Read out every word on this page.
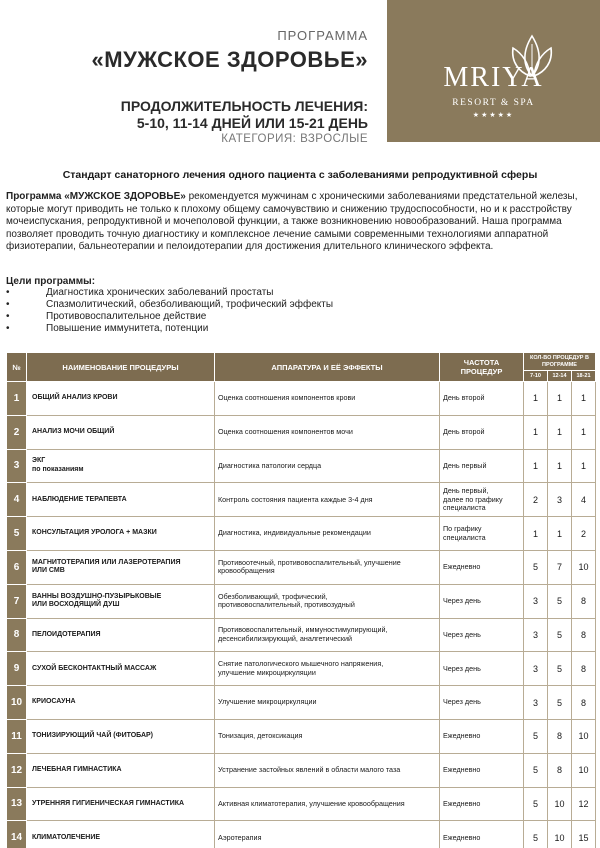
ПРОГРАММА
«МУЖСКОЕ ЗДОРОВЬЕ»
ПРОДОЛЖИТЕЛЬНОСТЬ ЛЕЧЕНИЯ:
5-10, 11-14 ДНЕЙ ИЛИ 15-21 ДЕНЬ
КАТЕГОРИЯ: ВЗРОСЛЫЕ
MRIYA
RESORT & SPA
★★★★★
Стандарт санаторного лечения одного пациента с заболеваниями репродуктивной сферы

Программа «МУЖСКОЕ ЗДОРОВЬЕ» рекомендуется мужчинам с хроническими заболеваниями предстательной железы, которые могут приводить не только к плохому общему самочувствию и снижению трудоспособности, но и к расстройству мочеиспускания, репродуктивной и мочеполовой функции, а также возникновению новообразований. Наша программа позволяет проводить точную диагностику и комплексное лечение самыми современными технологиями аппаратной физиотерапии, бальнеотерапии и пелоидотерапии для достижения длительного клинического эффекта.

Цели программы:
• Диагностика хронических заболеваний простаты
• Спазмолитический, обезболивающий, трофический эффекты
• Противовоспалительное действие
• Повышение иммунитета, потенции
№	НАИМЕНОВАНИЕ ПРОЦЕДУРЫ	АППАРАТУРА И ЕЁ ЭФФЕКТЫ	ЧАСТОТА ПРОЦЕДУР	КОЛ-ВО ПРОЦЕДУР В ПРОГРАММЕ		
				7-10	12-14	18-21
1	ОБЩИЙ АНАЛИЗ КРОВИ	Оценка соотношения компонентов крови	День второй	1	1	1
2	АНАЛИЗ МОЧИ ОБЩИЙ	Оценка соотношения компонентов мочи	День второй	1	1	1
3	ЭКГ
по показаниям	Диагностика патологии сердца	День первый	1	1	1
4	НАБЛЮДЕНИЕ ТЕРАПЕВТА	Контроль состояния пациента каждые 3-4 дня	День первый,
далее по графику
специалиста	2	3	4
5	КОНСУЛЬТАЦИЯ УРОЛОГА + МАЗКИ	Диагностика, индивидуальные рекомендации	По графику
специалиста	1	1	2
6	МАГНИТОТЕРАПИЯ ИЛИ ЛАЗЕРОТЕРАПИЯ
ИЛИ СМВ	Противоотечный, противовоспалительный, улучшение
кровообращения	Ежедневно	5	7	10
7	ВАННЫ ВОЗДУШНО-ПУЗЫРЬКОВЫЕ
ИЛИ ВОСХОДЯЩИЙ ДУШ	Обезболивающий, трофический,
противовоспалительный, противозудный	Через день	3	5	8
8	ПЕЛОИДОТЕРАПИЯ	Противовоспалительный, иммуностимулирующий,
десенсибилизирующий, аналгетический	Через день	3	5	8
9	СУХОЙ БЕСКОНТАКТНЫЙ МАССАЖ	Снятие патологического мышечного напряжения,
улучшение микроциркуляции	Через день	3	5	8
10	КРИОСАУНА	Улучшение микроциркуляции	Через день	3	5	8
11	ТОНИЗИРУЮЩИЙ ЧАЙ (ФИТОБАР)	Тонизация, детоксикация	Ежедневно	5	8	10
12	ЛЕЧЕБНАЯ ГИМНАСТИКА	Устранение застойных явлений в области малого таза	Ежедневно	5	8	10
13	УТРЕННЯЯ ГИГИЕНИЧЕСКАЯ ГИМНАСТИКА	Активная климатотерапия, улучшение кровообращения	Ежедневно	5	10	12
14	КЛИМАТОЛЕЧЕНИЕ	Аэротерапия	Ежедневно	5	10	15
